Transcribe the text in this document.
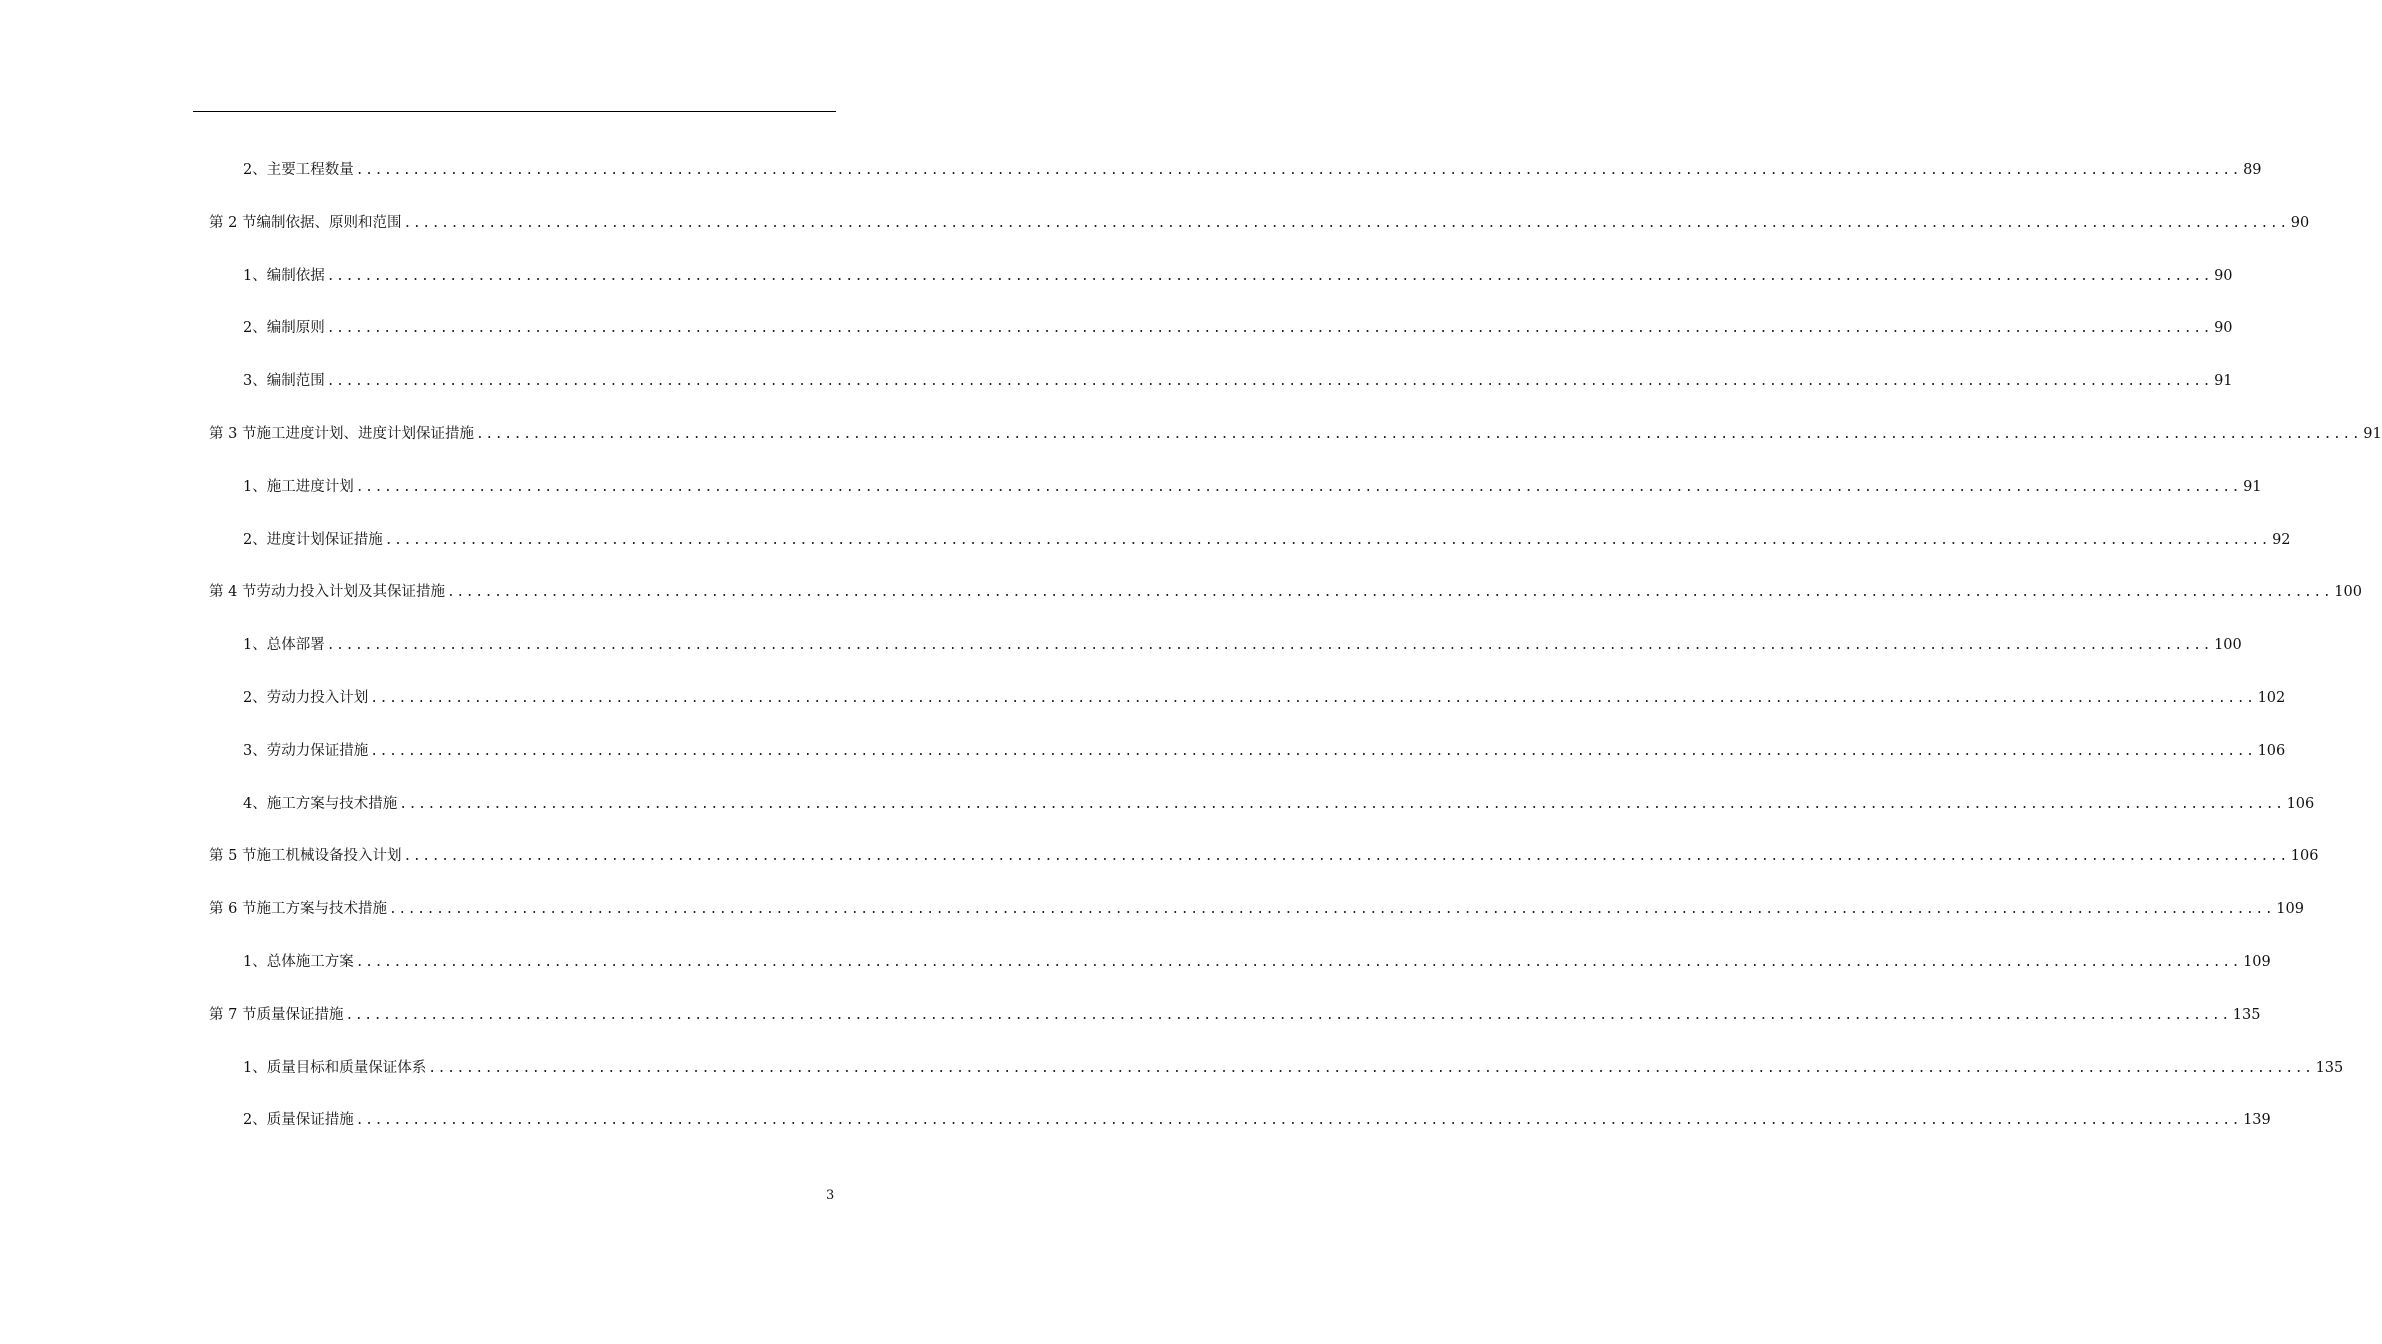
2、 主要工程数量 ........................................................................................................................................................................................................ 89
第 2 节 编制依据、原则和范围 ........................................................................................................................................................................................................ 90
1、 编制依据 ........................................................................................................................................................................................................ 90
2、 编制原则 ........................................................................................................................................................................................................ 90
3、 编制范围 ........................................................................................................................................................................................................ 91
第 3 节 施工进度计划、进度计划保证措施 ........................................................................................................................................................................................................ 91
1、 施工进度计划 ........................................................................................................................................................................................................ 91
2、 进度计划保证措施 ........................................................................................................................................................................................................ 92
第 4 节 劳动力投入计划及其保证措施 ........................................................................................................................................................................................................ 100
1、 总体部署 ........................................................................................................................................................................................................ 100
2、 劳动力投入计划 ........................................................................................................................................................................................................ 102
3、 劳动力保证措施 ........................................................................................................................................................................................................ 106
4、 施工方案与技术措施 ........................................................................................................................................................................................................ 106
第 5 节 施工机械设备投入计划 ........................................................................................................................................................................................................ 106
第 6 节 施工方案与技术措施 ........................................................................................................................................................................................................ 109
1、 总体施工方案 ........................................................................................................................................................................................................ 109
第 7 节 质量保证措施 ........................................................................................................................................................................................................ 135
1、 质量目标和质量保证体系 ........................................................................................................................................................................................................ 135
2、 质量保证措施 ........................................................................................................................................................................................................ 139
3
